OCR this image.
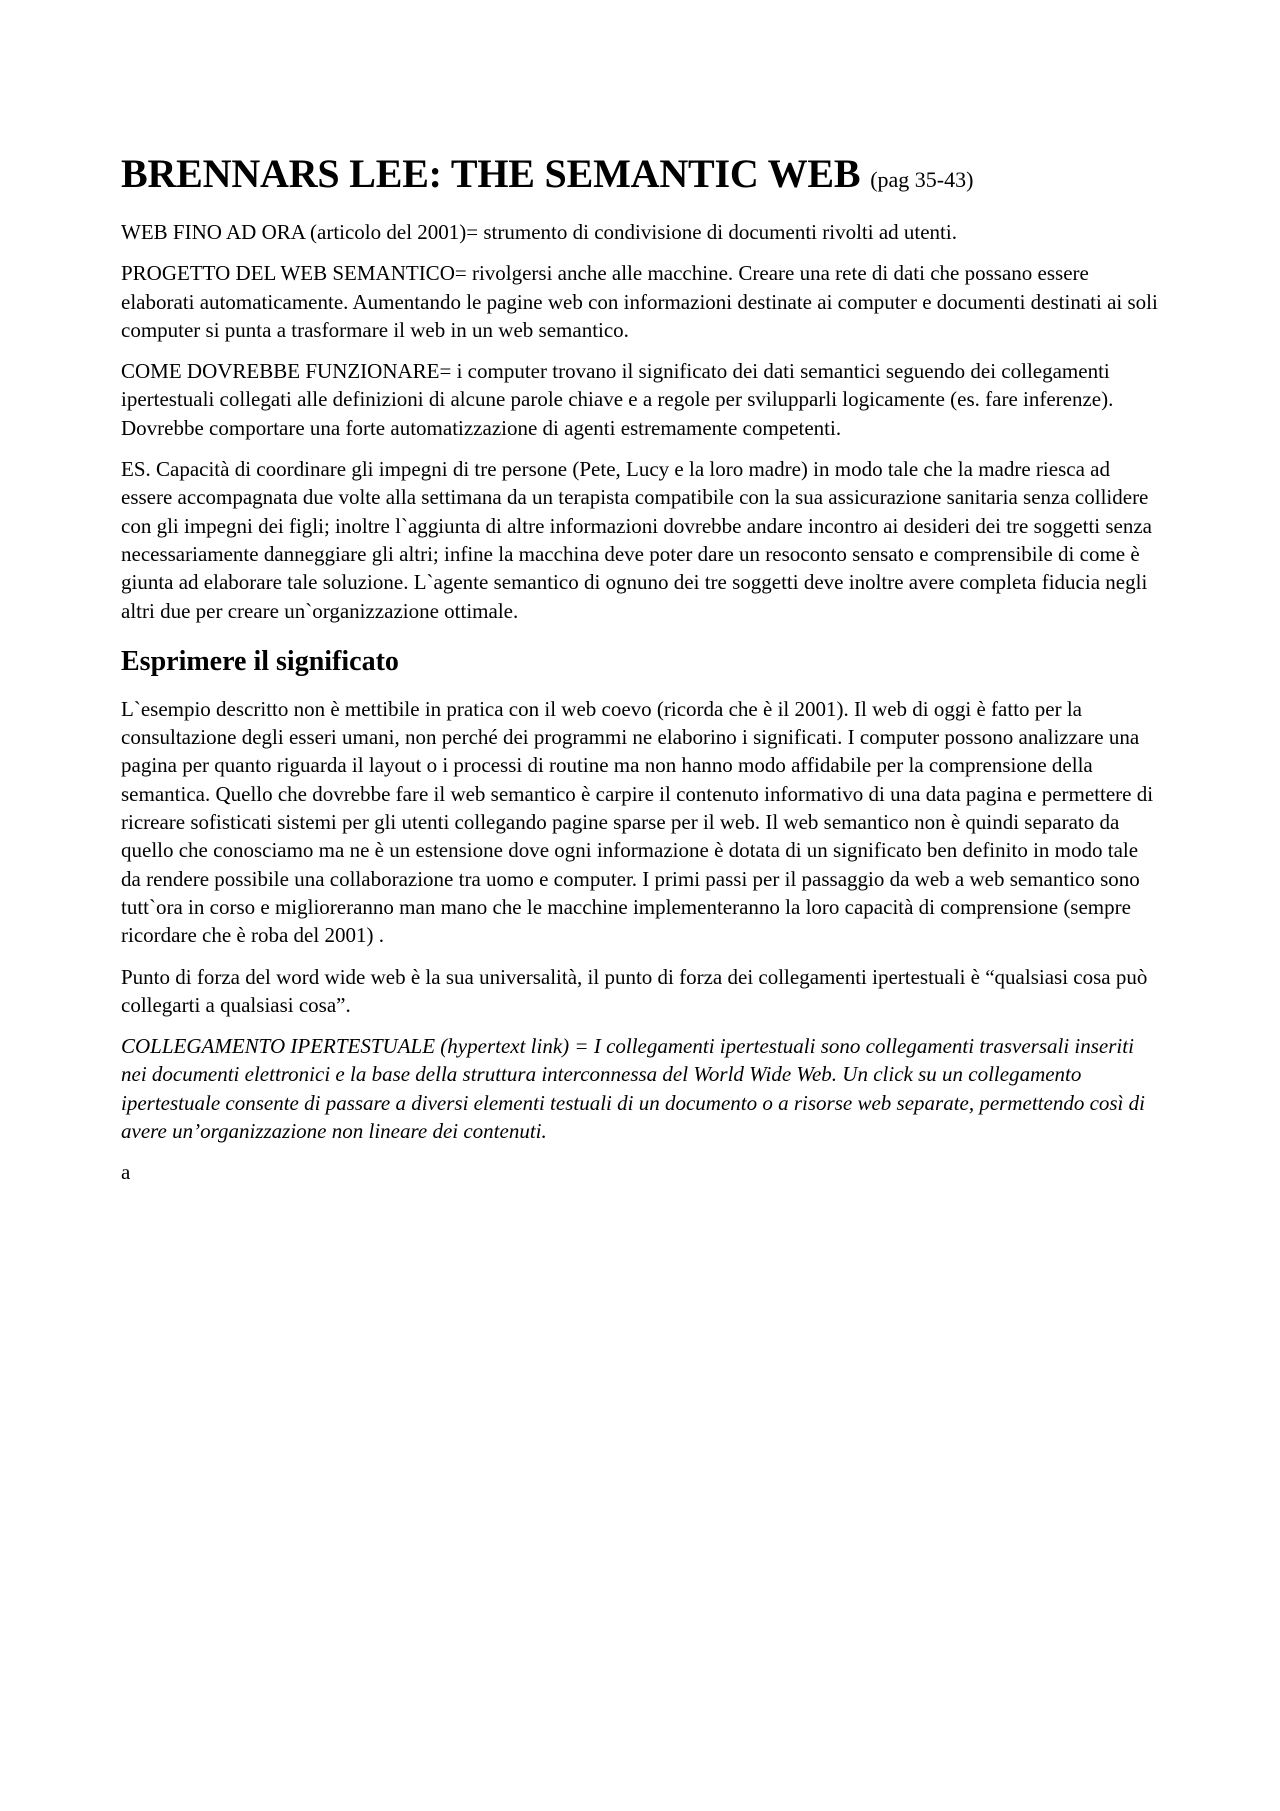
BRENNARS LEE: THE SEMANTIC WEB (pag 35-43)

WEB FINO AD ORA (articolo del 2001)= strumento di condivisione di documenti rivolti ad utenti.

PROGETTO DEL WEB SEMANTICO= rivolgersi anche alle macchine. Creare una rete di dati che possano essere elaborati automaticamente. Aumentando le pagine web con informazioni destinate ai computer e documenti destinati ai soli computer si punta a trasformare il web in un web semantico.

COME DOVREBBE FUNZIONARE= i computer trovano il significato dei dati semantici seguendo dei collegamenti ipertestuali collegati alle definizioni di alcune parole chiave e a regole per svilupparli logicamente (es. fare inferenze). Dovrebbe comportare una forte automatizzazione di agenti estremamente competenti.

ES. Capacità di coordinare gli impegni di tre persone (Pete, Lucy e la loro madre) in modo tale che la madre riesca ad essere accompagnata due volte alla settimana da un terapista compatibile con la sua assicurazione sanitaria senza collidere con gli impegni dei figli; inoltre l`aggiunta di altre informazioni dovrebbe andare incontro ai desideri dei tre soggetti senza necessariamente danneggiare gli altri; infine la macchina deve poter dare un resoconto sensato e comprensibile di come è giunta ad elaborare tale soluzione. L`agente semantico di ognuno dei tre soggetti deve inoltre avere completa fiducia negli altri due per creare un`organizzazione ottimale.

Esprimere il significato

L`esempio descritto non è mettibile in pratica con il web coevo (ricorda che è il 2001). Il web di oggi è fatto per la consultazione degli esseri umani, non perché dei programmi ne elaborino i significati. I computer possono analizzare una pagina per quanto riguarda il layout o i processi di routine ma non hanno modo affidabile per la comprensione della semantica. Quello che dovrebbe fare il web semantico è carpire il contenuto informativo di una data pagina e permettere di ricreare sofisticati sistemi per gli utenti collegando pagine sparse per il web. Il web semantico non è quindi separato da quello che conosciamo ma ne è un estensione dove ogni informazione è dotata di un significato ben definito in modo tale da rendere possibile una collaborazione tra uomo e computer. I primi passi per il passaggio da web a web semantico sono tutt`ora in corso e miglioreranno man mano che le macchine implementeranno la loro capacità di comprensione (sempre ricordare che è roba del 2001) .

Punto di forza del word wide web è la sua universalità, il punto di forza dei collegamenti ipertestuali è “qualsiasi cosa può collegarti a qualsiasi cosa”.

COLLEGAMENTO IPERTESTUALE (hypertext link) = I collegamenti ipertestuali sono collegamenti trasversali inseriti nei documenti elettronici e la base della struttura interconnessa del World Wide Web. Un click su un collegamento ipertestuale consente di passare a diversi elementi testuali di un documento o a risorse web separate, permettendo così di avere un’organizzazione non lineare dei contenuti.

a
